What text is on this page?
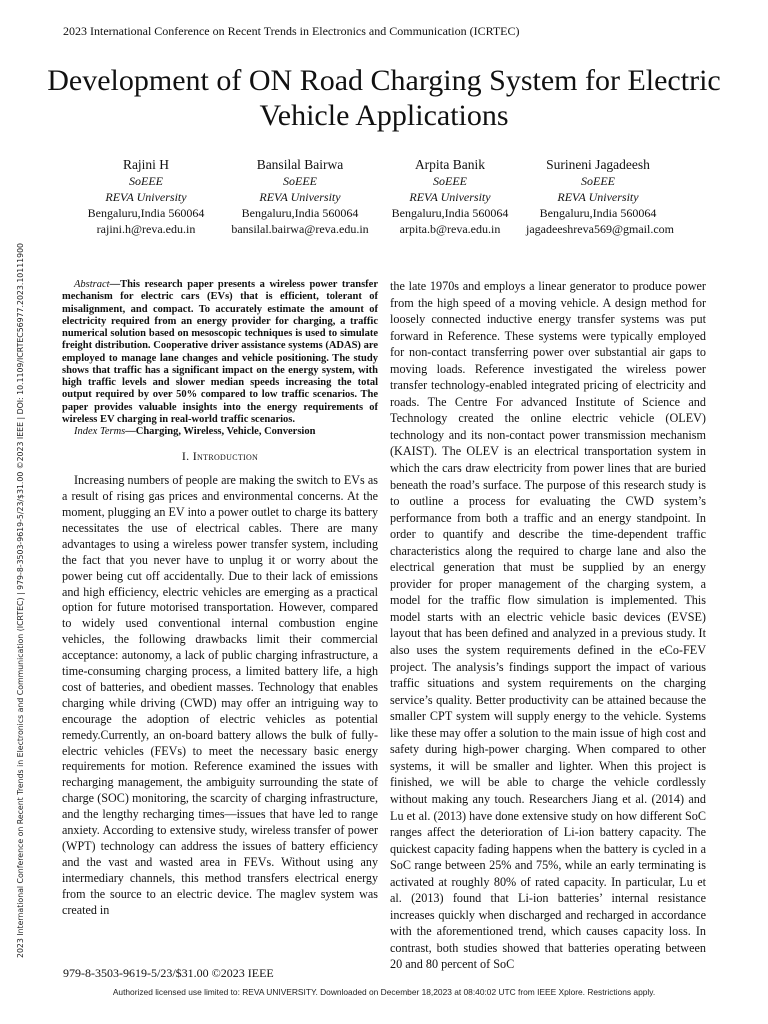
2023 International Conference on Recent Trends in Electronics and Communication (ICRTEC)
2023 International Conference on Recent Trends in Electronics and Communication (ICRTEC) | 979-8-3503-9619-5/23/$31.00 ©2023 IEEE | DOI: 10.1109/ICRTEC56977.2023.10111900
Development of ON Road Charging System for Electric Vehicle Applications
Rajini H
SoEEE
REVA University
Bengaluru,India 560064
rajini.h@reva.edu.in
Bansilal Bairwa
SoEEE
REVA University
Bengaluru,India 560064
bansilal.bairwa@reva.edu.in
Arpita Banik
SoEEE
REVA University
Bengaluru,India 560064
arpita.b@reva.edu.in
Surineni Jagadeesh
SoEEE
REVA University
Bengaluru,India 560064
jagadeeshreva569@gmail.com

Abstract—This research paper presents a wireless power transfer mechanism for electric cars (EVs) that is efficient, tolerant of misalignment, and compact. To accurately estimate the amount of electricity required from an energy provider for charging, a traffic numerical solution based on mesoscopic techniques is used to simulate freight distribution. Cooperative driver assistance systems (ADAS) are employed to manage lane changes and vehicle positioning. The study shows that traffic has a significant impact on the energy system, with high traffic levels and slower median speeds increasing the total output required by over 50% compared to low traffic scenarios. The paper provides valuable insights into the energy requirements of wireless EV charging in real-world traffic scenarios.

Index Terms—Charging, Wireless, Vehicle, Conversion

I. Introduction

Increasing numbers of people are making the switch to EVs as a result of rising gas prices and environmental concerns. At the moment, plugging an EV into a power outlet to charge its battery necessitates the use of electrical cables. There are many advantages to using a wireless power transfer system, including the fact that you never have to unplug it or worry about the power being cut off accidentally. Due to their lack of emissions and high efficiency, electric vehicles are emerging as a practical option for future motorised transportation. However, compared to widely used conventional internal combustion engine vehicles, the following drawbacks limit their commercial acceptance: autonomy, a lack of public charging infrastructure, a time-consuming charging process, a limited battery life, a high cost of batteries, and obedient masses. Technology that enables charging while driving (CWD) may offer an intriguing way to encourage the adoption of electric vehicles as potential remedy.Currently, an on-board battery allows the bulk of fully-electric vehicles (FEVs) to meet the necessary basic energy requirements for motion. Reference examined the issues with recharging management, the ambiguity surrounding the state of charge (SOC) monitoring, the scarcity of charging infrastructure, and the lengthy recharging times—issues that have led to range anxiety. According to extensive study, wireless transfer of power (WPT) technology can address the issues of battery efficiency and the vast and wasted area in FEVs. Without using any intermediary channels, this method transfers electrical energy from the source to an electric device. The maglev system was created in

the late 1970s and employs a linear generator to produce power from the high speed of a moving vehicle. A design method for loosely connected inductive energy transfer systems was put forward in Reference. These systems were typically employed for non-contact transferring power over substantial air gaps to moving loads. Reference investigated the wireless power transfer technology-enabled integrated pricing of electricity and roads. The Centre For advanced Institute of Science and Technology created the online electric vehicle (OLEV) technology and its non-contact power transmission mechanism (KAIST). The OLEV is an electrical transportation system in which the cars draw electricity from power lines that are buried beneath the road’s surface. The purpose of this research study is to outline a process for evaluating the CWD system’s performance from both a traffic and an energy standpoint. In order to quantify and describe the time-dependent traffic characteristics along the required to charge lane and also the electrical generation that must be supplied by an energy provider for proper management of the charging system, a model for the traffic flow simulation is implemented. This model starts with an electric vehicle basic devices (EVSE) layout that has been defined and analyzed in a previous study. It also uses the system requirements defined in the eCo-FEV project. The analysis’s findings support the impact of various traffic situations and system requirements on the charging service’s quality. Better productivity can be attained because the smaller CPT system will supply energy to the vehicle. Systems like these may offer a solution to the main issue of high cost and safety during high-power charging. When compared to other systems, it will be smaller and lighter. When this project is finished, we will be able to charge the vehicle cordlessly without making any touch. Researchers Jiang et al. (2014) and Lu et al. (2013) have done extensive study on how different SoC ranges affect the deterioration of Li-ion battery capacity. The quickest capacity fading happens when the battery is cycled in a SoC range between 25% and 75%, while an early terminating is activated at roughly 80% of rated capacity. In particular, Lu et al. (2013) found that Li-ion batteries’ internal resistance increases quickly when discharged and recharged in accordance with the aforementioned trend, which causes capacity loss. In contrast, both studies showed that batteries operating between 20 and 80 percent of SoC

979-8-3503-9619-5/23/$31.00 ©2023 IEEE
Authorized licensed use limited to: REVA UNIVERSITY. Downloaded on December 18,2023 at 08:40:02 UTC from IEEE Xplore. Restrictions apply.
